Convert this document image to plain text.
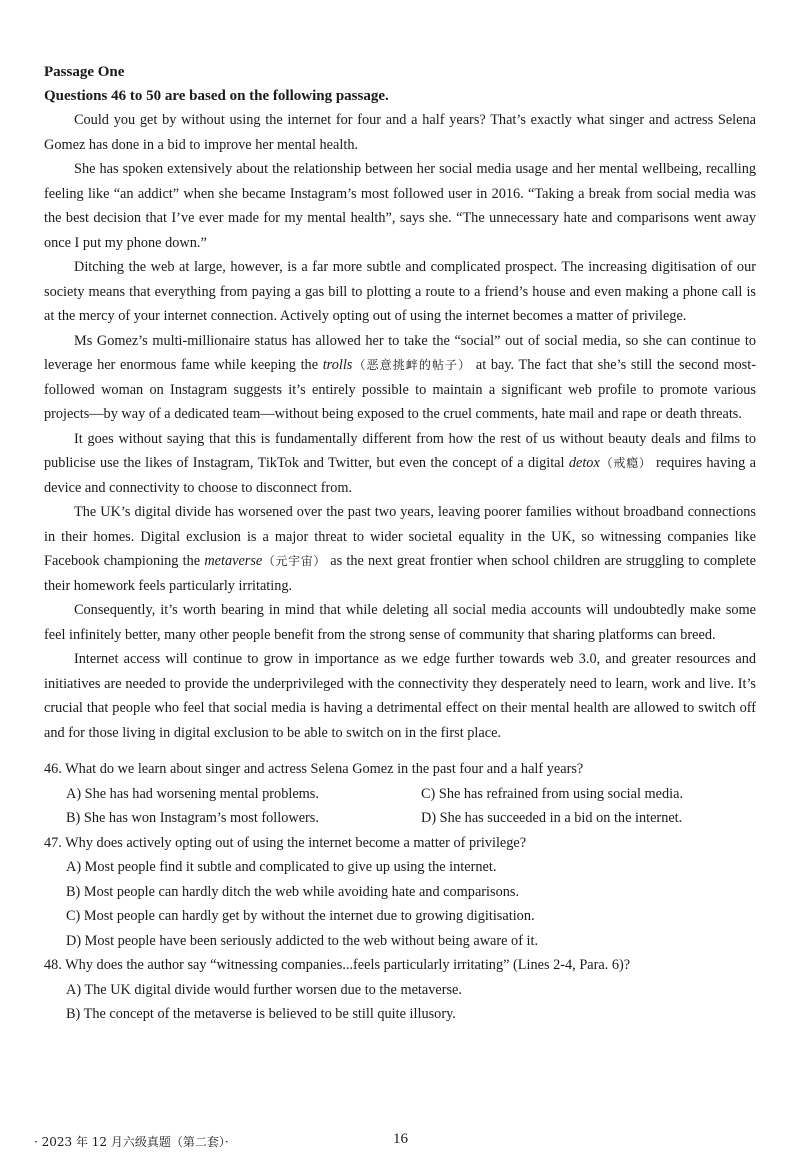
Passage One

Questions 46 to 50 are based on the following passage.

Could you get by without using the internet for four and a half years? That’s exactly what singer and actress Selena Gomez has done in a bid to improve her mental health.

She has spoken extensively about the relationship between her social media usage and her mental wellbeing, recalling feeling like “an addict” when she became Instagram’s most followed user in 2016. “Taking a break from social media was the best decision that I’ve ever made for my mental health”, says she. “The unnecessary hate and comparisons went away once I put my phone down.”

Ditching the web at large, however, is a far more subtle and complicated prospect. The increasing digitisation of our society means that everything from paying a gas bill to plotting a route to a friend’s house and even making a phone call is at the mercy of your internet connection. Actively opting out of using the internet becomes a matter of privilege.

Ms Gomez’s multi-millionaire status has allowed her to take the “social” out of social media, so she can continue to leverage her enormous fame while keeping the trolls（恶意挑衅的帖子） at bay. The fact that she’s still the second most-followed woman on Instagram suggests it’s entirely possible to maintain a significant web profile to promote various projects—by way of a dedicated team—without being exposed to the cruel comments, hate mail and rape or death threats.

It goes without saying that this is fundamentally different from how the rest of us without beauty deals and films to publicise use the likes of Instagram, TikTok and Twitter, but even the concept of a digital detox（戒瘾） requires having a device and connectivity to choose to disconnect from.

The UK’s digital divide has worsened over the past two years, leaving poorer families without broadband connections in their homes. Digital exclusion is a major threat to wider societal equality in the UK, so witnessing companies like Facebook championing the metaverse（元宇宙） as the next great frontier when school children are struggling to complete their homework feels particularly irritating.

Consequently, it’s worth bearing in mind that while deleting all social media accounts will undoubtedly make some feel infinitely better, many other people benefit from the strong sense of community that sharing platforms can breed.

Internet access will continue to grow in importance as we edge further towards web 3.0, and greater resources and initiatives are needed to provide the underprivileged with the connectivity they desperately need to learn, work and live. It’s crucial that people who feel that social media is having a detrimental effect on their mental health are allowed to switch off and for those living in digital exclusion to be able to switch on in the first place.

46. What do we learn about singer and actress Selena Gomez in the past four and a half years?

A) She has had worsening mental problems.	C) She has refrained from using social media.

B) She has won Instagram’s most followers.	D) She has succeeded in a bid on the internet.

47. Why does actively opting out of using the internet become a matter of privilege?

A) Most people find it subtle and complicated to give up using the internet.

B) Most people can hardly ditch the web while avoiding hate and comparisons.

C) Most people can hardly get by without the internet due to growing digitisation.

D) Most people have been seriously addicted to the web without being aware of it.

48. Why does the author say “witnessing companies...feels particularly irritating” (Lines 2-4, Para. 6)?

A) The UK digital divide would further worsen due to the metaverse.

B) The concept of the metaverse is believed to be still quite illusory.

· 2023 年 12 月六级真题（第二套）·	16
